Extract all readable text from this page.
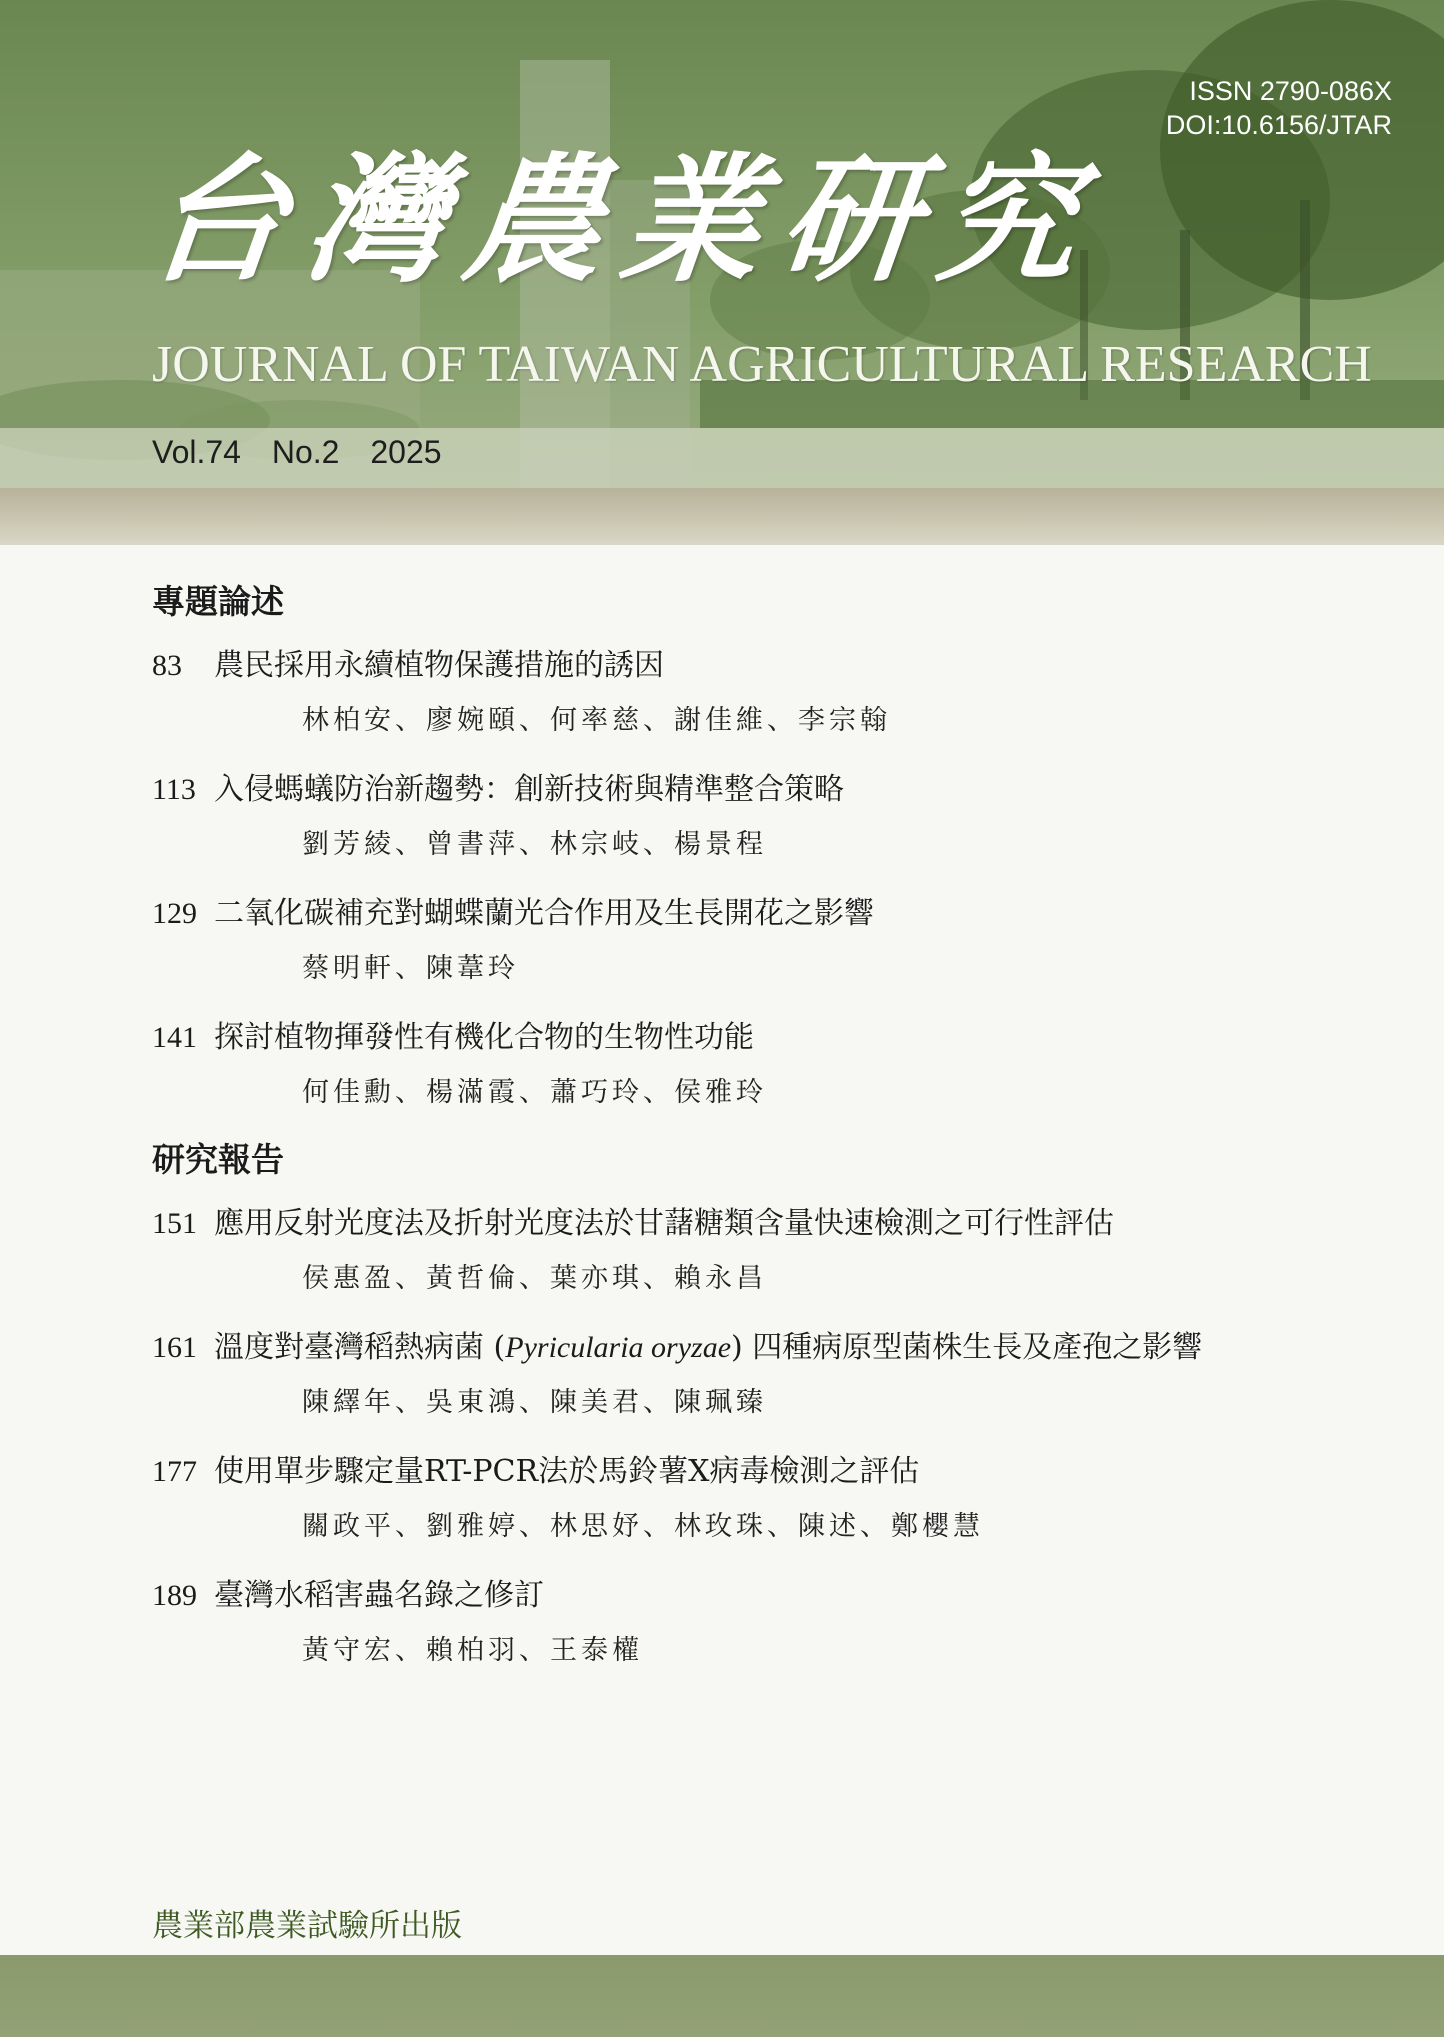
台灣農業研究
JOURNAL OF TAIWAN AGRICULTURAL RESEARCH
ISSN 2790-086X
DOI:10.6156/JTAR
Vol.74 No.2 2025
專題論述
83 農民採用永續植物保護措施的誘因
林柏安、廖婉頤、何率慈、謝佳維、李宗翰
113 入侵螞蟻防治新趨勢：創新技術與精準整合策略
劉芳綾、曾書萍、林宗岐、楊景程
129 二氧化碳補充對蝴蝶蘭光合作用及生長開花之影響
蔡明軒、陳葦玲
141 探討植物揮發性有機化合物的生物性功能
何佳勳、楊滿霞、蕭巧玲、侯雅玲
研究報告
151 應用反射光度法及折射光度法於甘藷糖類含量快速檢測之可行性評估
侯惠盈、黃哲倫、葉亦琪、賴永昌
161 溫度對臺灣稻熱病菌 (Pyricularia oryzae) 四種病原型菌株生長及產孢之影響
陳繹年、吳東鴻、陳美君、陳珮臻
177 使用單步驟定量RT-PCR法於馬鈴薯X病毒檢測之評估
關政平、劉雅婷、林思妤、林玫珠、陳述、鄭櫻慧
189 臺灣水稻害蟲名錄之修訂
黃守宏、賴柏羽、王泰權
農業部農業試驗所出版
